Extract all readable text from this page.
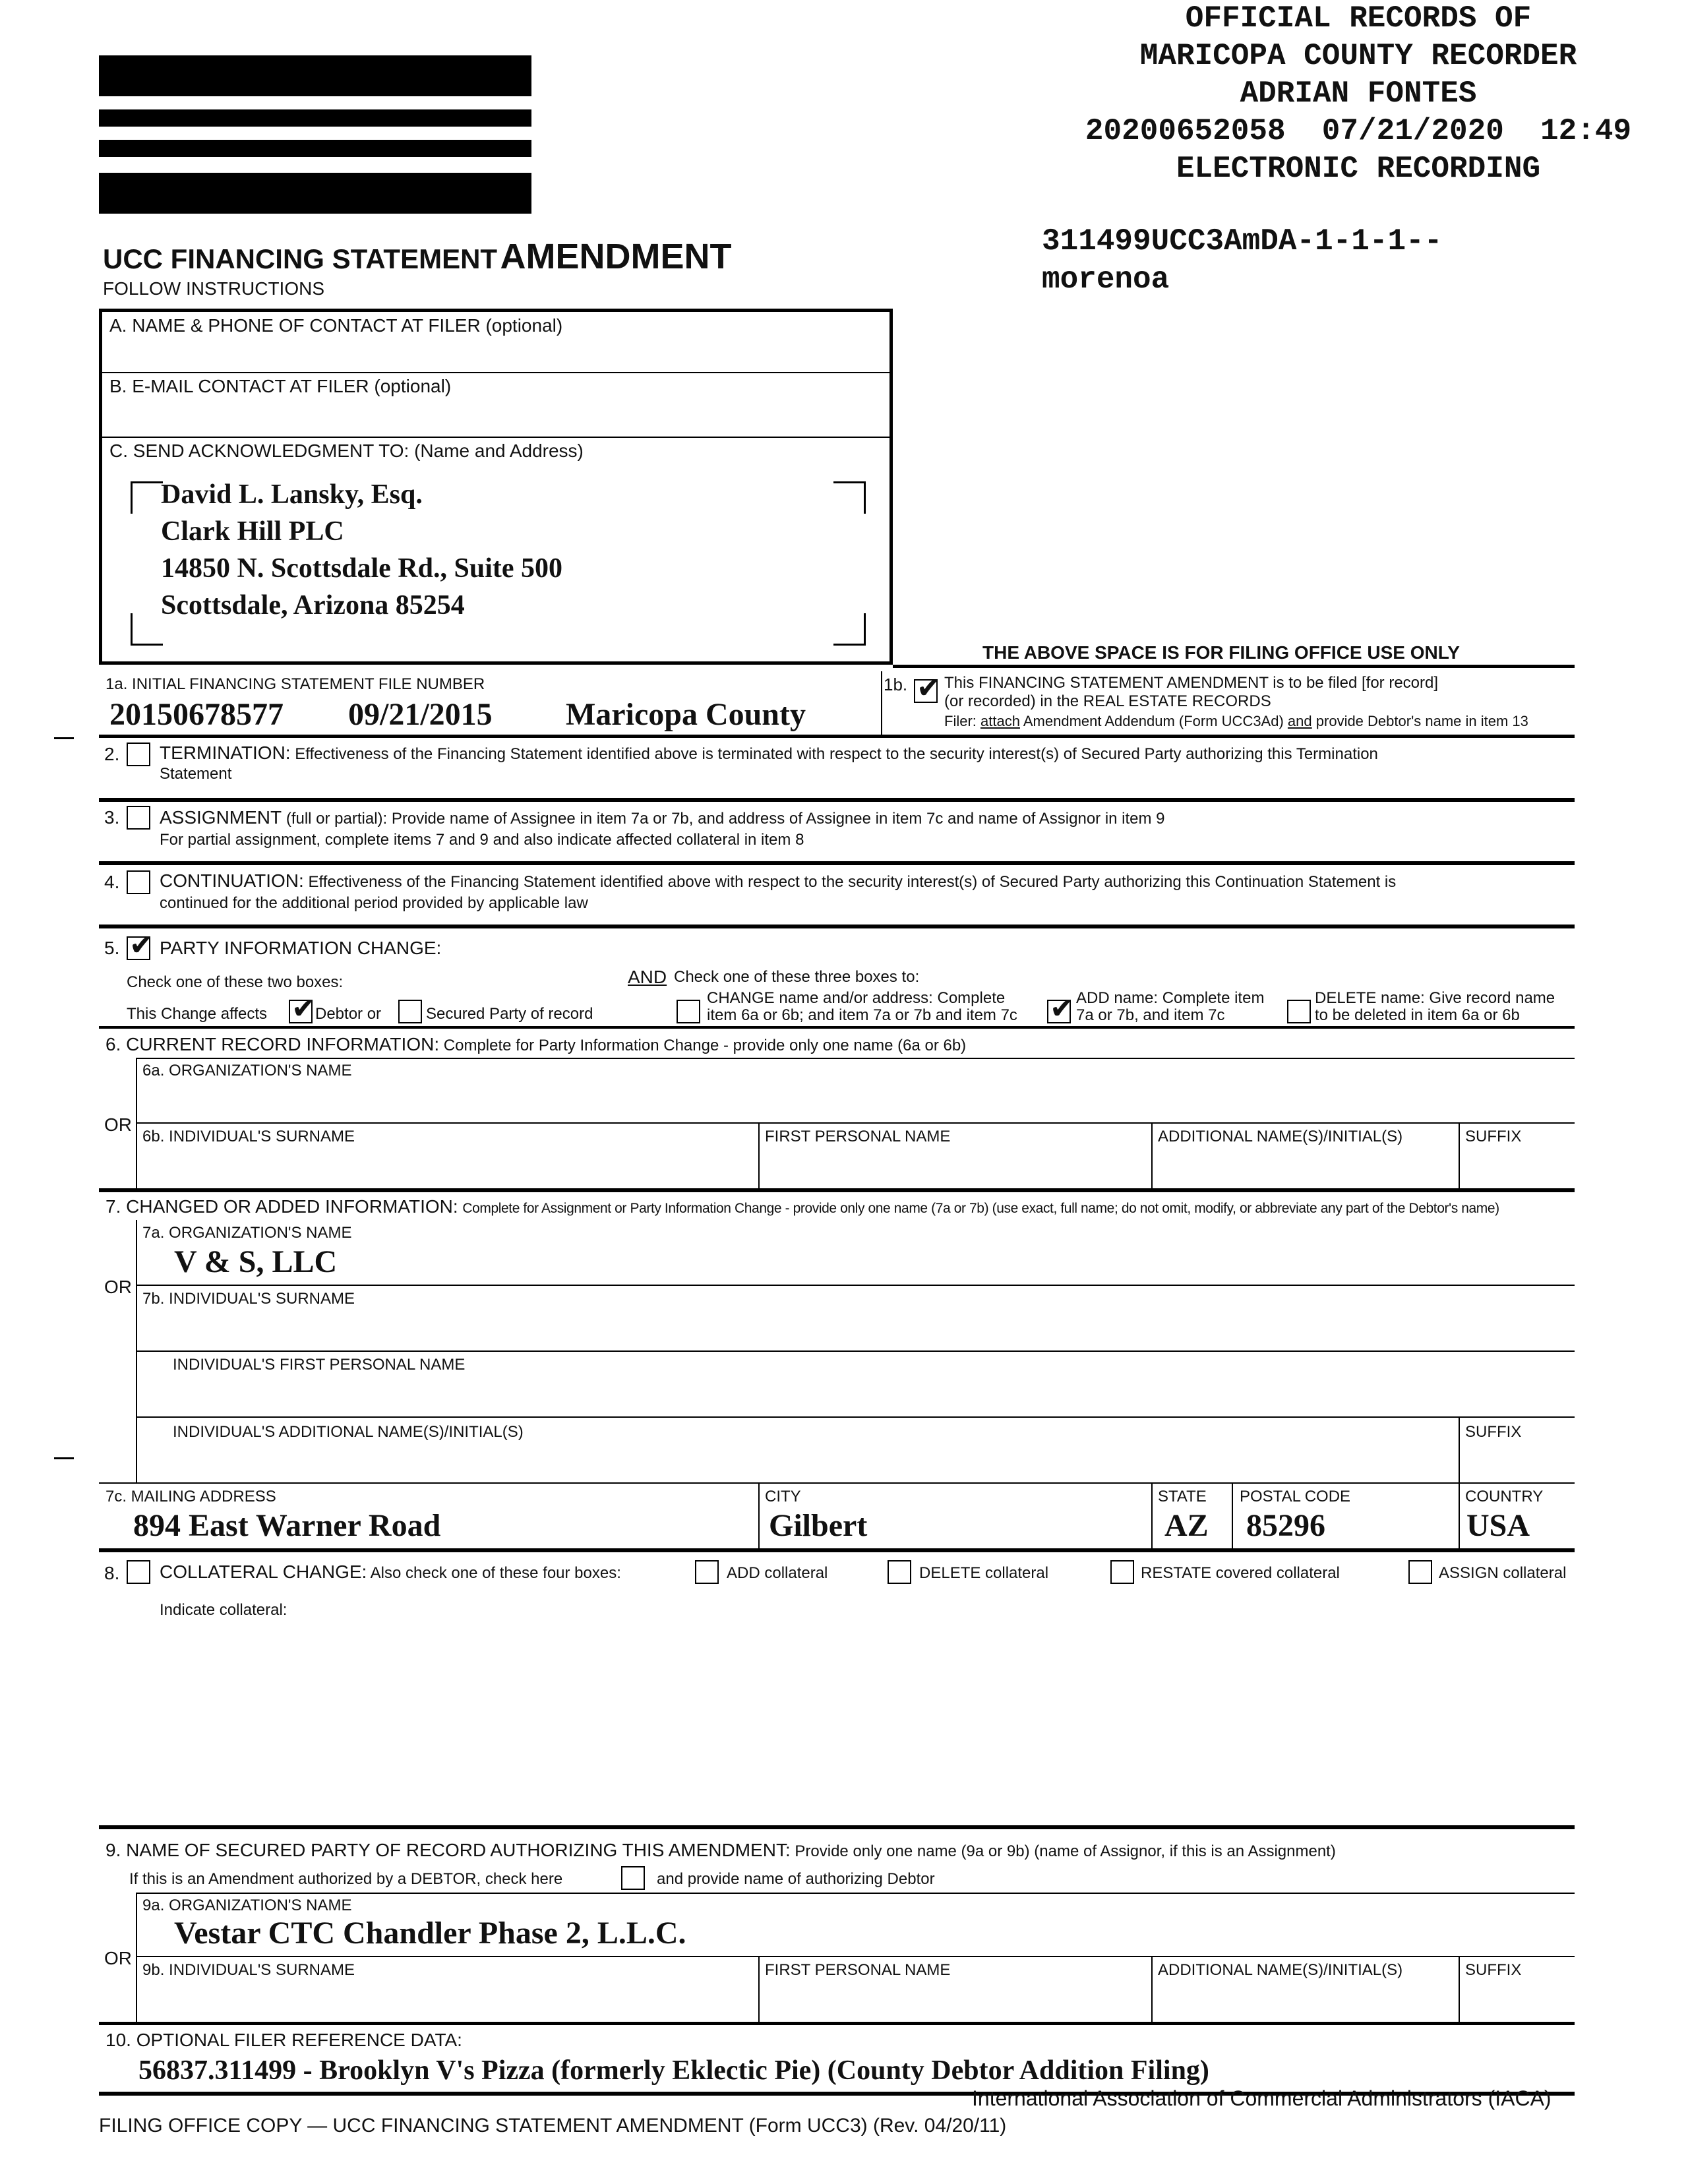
OFFICIAL RECORDS OF
MARICOPA COUNTY RECORDER
ADRIAN FONTES
20200652058  07/21/2020  12:49
ELECTRONIC RECORDING
311499UCC3AmDA-1-1-1--
morenoa
UCC FINANCING STATEMENT AMENDMENT
FOLLOW INSTRUCTIONS
A. NAME & PHONE OF CONTACT AT FILER (optional)
B. E-MAIL CONTACT AT FILER (optional)
C. SEND ACKNOWLEDGMENT TO: (Name and Address)
David L. Lansky, Esq.
Clark Hill PLC
14850 N. Scottsdale Rd., Suite 500
Scottsdale, Arizona 85254
THE ABOVE SPACE IS FOR FILING OFFICE USE ONLY
1a. INITIAL FINANCING STATEMENT FILE NUMBER
20150678577 09/21/2015 Maricopa County
1b. ✔ This FINANCING STATEMENT AMENDMENT is to be filed [for record]
(or recorded) in the REAL ESTATE RECORDS
Filer: attach Amendment Addendum (Form UCC3Ad) and provide Debtor's name in item 13
2. TERMINATION: Effectiveness of the Financing Statement identified above is terminated with respect to the security interest(s) of Secured Party authorizing this Termination
Statement
3. ASSIGNMENT (full or partial): Provide name of Assignee in item 7a or 7b, and address of Assignee in item 7c and name of Assignor in item 9
For partial assignment, complete items 7 and 9 and also indicate affected collateral in item 8
4. CONTINUATION: Effectiveness of the Financing Statement identified above with respect to the security interest(s) of Secured Party authorizing this Continuation Statement is
continued for the additional period provided by applicable law
5. ✔ PARTY INFORMATION CHANGE:
Check one of these two boxes:
This Change affects ✔ Debtor or	Secured Party of record
AND Check one of these three boxes to:
CHANGE name and/or address: Complete
item 6a or 6b; and item 7a or 7b and item 7c ✔ ADD name: Complete item
7a or 7b, and item 7c
DELETE name: Give record name
to be deleted in item 6a or 6b
6. CURRENT RECORD INFORMATION: Complete for Party Information Change - provide only one name (6a or 6b)
6a. ORGANIZATION'S NAME
OR
6b. INDIVIDUAL'S SURNAME	FIRST PERSONAL NAME	ADDITIONAL NAME(S)/INITIAL(S)	SUFFIX
7. CHANGED OR ADDED INFORMATION: Complete for Assignment or Party Information Change - provide only one name (7a or 7b) (use exact, full name; do not omit, modify, or abbreviate any part of the Debtor's name)
7a. ORGANIZATION'S NAME
V & S, LLC
OR
7b. INDIVIDUAL'S SURNAME
INDIVIDUAL'S FIRST PERSONAL NAME
INDIVIDUAL'S ADDITIONAL NAME(S)/INITIAL(S)	SUFFIX
7c. MAILING ADDRESS	CITY	STATE POSTAL CODE	COUNTRY
894 East Warner Road	Gilbert	AZ 85296	USA
8. COLLATERAL CHANGE: Also check one of these four boxes:	ADD collateral	DELETE collateral	RESTATE covered collateral	ASSIGN collateral
Indicate collateral:
9. NAME OF SECURED PARTY OF RECORD AUTHORIZING THIS AMENDMENT: Provide only one name (9a or 9b) (name of Assignor, if this is an Assignment)
If this is an Amendment authorized by a DEBTOR, check here	and provide name of authorizing Debtor
9a. ORGANIZATION'S NAME
Vestar CTC Chandler Phase 2, L.L.C.
OR
9b. INDIVIDUAL'S SURNAME	FIRST PERSONAL NAME	ADDITIONAL NAME(S)/INITIAL(S)	SUFFIX
10. OPTIONAL FILER REFERENCE DATA:
56837.311499 - Brooklyn V's Pizza (formerly Eklectic Pie) (County Debtor Addition Filing)
International Association of Commercial Administrators (IACA)
FILING OFFICE COPY — UCC FINANCING STATEMENT AMENDMENT (Form UCC3) (Rev. 04/20/11)
